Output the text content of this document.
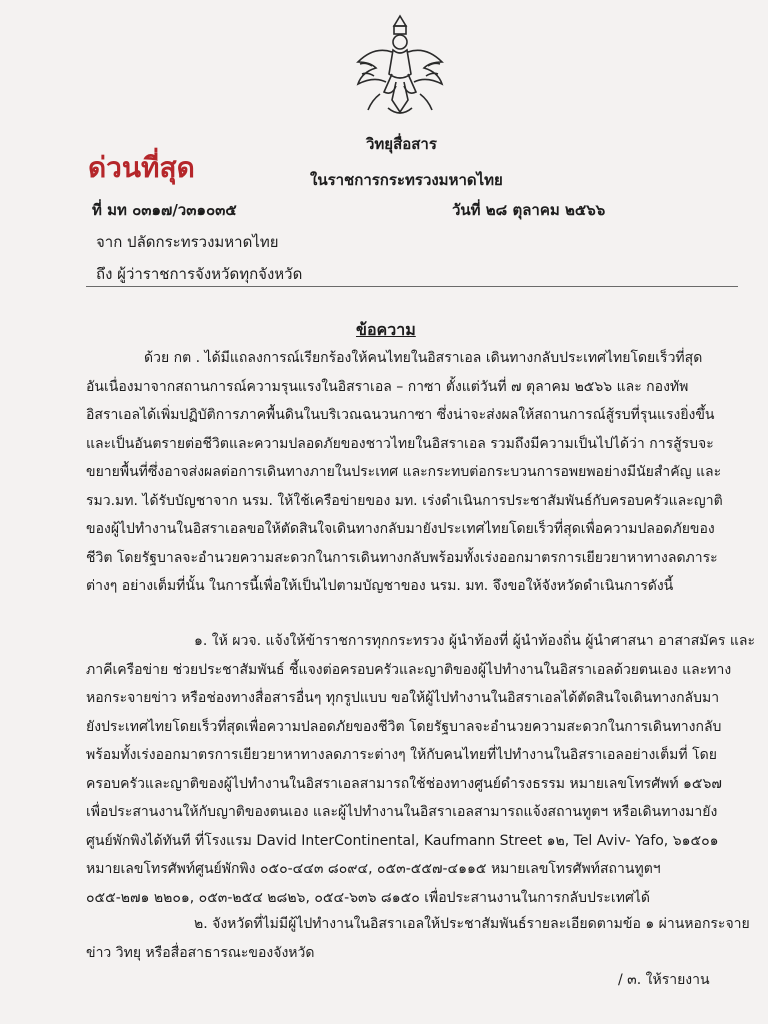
ด่วนที่สุด
วิทยุสื่อสาร
ในราชการกระทรวงมหาดไทย
ที่ มท ๐๓๑๗/ว๓๑๐๓๕	วันที่ ๒๘ ตุลาคม ๒๕๖๖
จาก ปลัดกระทรวงมหาดไทย
ถึง ผู้ว่าราชการจังหวัดทุกจังหวัด
ข้อความ

ด้วย กต . ได้มีแถลงการณ์เรียกร้องให้คนไทยในอิสราเอล เดินทางกลับประเทศไทยโดยเร็วที่สุด

อันเนื่องมาจากสถานการณ์ความรุนแรงในอิสราเอล – กาซา ตั้งแต่วันที่ ๗ ตุลาคม ๒๕๖๖ และ กองทัพ

อิสราเอลได้เพิ่มปฏิบัติการภาคพื้นดินในบริเวณฉนวนกาซา ซึ่งน่าจะส่งผลให้สถานการณ์สู้รบที่รุนแรงยิ่งขึ้น

และเป็นอันตรายต่อชีวิตและความปลอดภัยของชาวไทยในอิสราเอล รวมถึงมีความเป็นไปได้ว่า การสู้รบจะ

ขยายพื้นที่ซึ่งอาจส่งผลต่อการเดินทางภายในประเทศ และกระทบต่อกระบวนการอพยพอย่างมีนัยสำคัญ และ

รมว.มท. ได้รับบัญชาจาก นรม. ให้ใช้เครือข่ายของ มท. เร่งดำเนินการประชาสัมพันธ์กับครอบครัวและญาติ

ของผู้ไปทำงานในอิสราเอลขอให้ตัดสินใจเดินทางกลับมายังประเทศไทยโดยเร็วที่สุดเพื่อความปลอดภัยของ

ชีวิต โดยรัฐบาลจะอำนวยความสะดวกในการเดินทางกลับพร้อมทั้งเร่งออกมาตรการเยียวยาหาทางลดภาระ

ต่างๆ อย่างเต็มที่นั้น ในการนี้เพื่อให้เป็นไปตามบัญชาของ นรม. มท. จึงขอให้จังหวัดดำเนินการดังนี้

๑. ให้ ผวจ. แจ้งให้ข้าราชการทุกกระทรวง ผู้นำท้องที่ ผู้นำท้องถิ่น ผู้นำศาสนา อาสาสมัคร และ

ภาคีเครือข่าย ช่วยประชาสัมพันธ์ ชี้แจงต่อครอบครัวและญาติของผู้ไปทำงานในอิสราเอลด้วยตนเอง และทาง

หอกระจายข่าว หรือช่องทางสื่อสารอื่นๆ ทุกรูปแบบ ขอให้ผู้ไปทำงานในอิสราเอลได้ตัดสินใจเดินทางกลับมา

ยังประเทศไทยโดยเร็วที่สุดเพื่อความปลอดภัยของชีวิต โดยรัฐบาลจะอำนวยความสะดวกในการเดินทางกลับ

พร้อมทั้งเร่งออกมาตรการเยียวยาหาทางลดภาระต่างๆ ให้กับคนไทยที่ไปทำงานในอิสราเอลอย่างเต็มที่ โดย

ครอบครัวและญาติของผู้ไปทำงานในอิสราเอลสามารถใช้ช่องทางศูนย์ดำรงธรรม หมายเลขโทรศัพท์ ๑๕๖๗

เพื่อประสานงานให้กับญาติของตนเอง และผู้ไปทำงานในอิสราเอลสามารถแจ้งสถานทูตฯ หรือเดินทางมายัง

ศูนย์พักพิงได้ทันที ที่โรงแรม David InterContinental, Kaufmann Street ๑๒, Tel Aviv- Yafo, ๖๑๕๐๑

หมายเลขโทรศัพท์ศูนย์พักพิง ๐๕๐-๔๔๓ ๘๐๙๔, ๐๕๓-๕๕๗-๔๑๑๕ หมายเลขโทรศัพท์สถานทูตฯ

๐๕๕-๒๗๑ ๒๒๐๑, ๐๕๓-๒๕๔ ๒๘๒๖, ๐๕๔-๖๓๖ ๘๑๕๐ เพื่อประสานงานในการกลับประเทศได้

๒. จังหวัดที่ไม่มีผู้ไปทำงานในอิสราเอลให้ประชาสัมพันธ์รายละเอียดตามข้อ ๑ ผ่านหอกระจาย

ข่าว วิทยุ หรือสื่อสาธารณะของจังหวัด

/ ๓. ให้รายงาน
